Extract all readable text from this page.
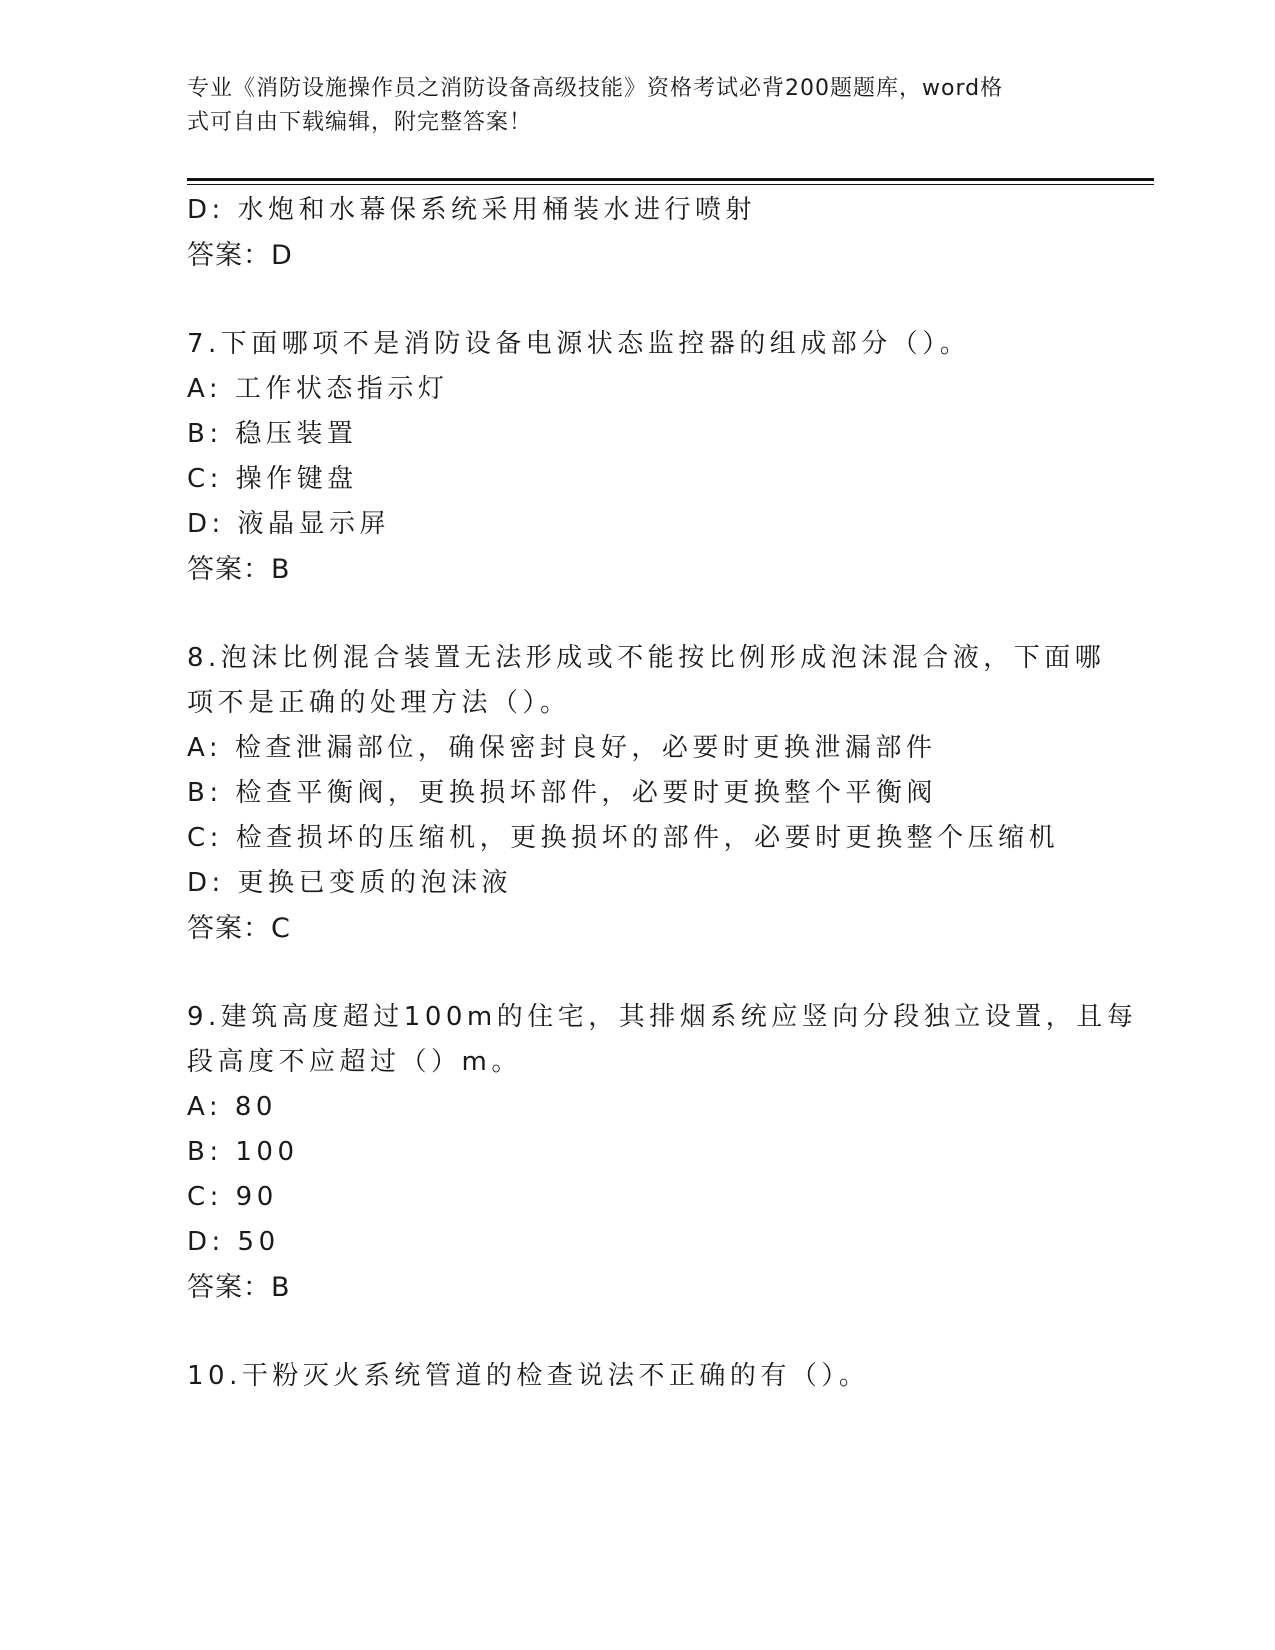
专业《消防设施操作员之消防设备高级技能》资格考试必背200题题库，word格
式可自由下载编辑，附完整答案！
D: 水炮和水幕保系统采用桶装水进行喷射
答案：D
7.下面哪项不是消防设备电源状态监控器的组成部分（）。
A: 工作状态指示灯
B: 稳压装置
C: 操作键盘
D: 液晶显示屏
答案：B
8.泡沫比例混合装置无法形成或不能按比例形成泡沫混合液，下面哪
项不是正确的处理方法（）。
A: 检查泄漏部位，确保密封良好，必要时更换泄漏部件
B: 检查平衡阀，更换损坏部件，必要时更换整个平衡阀
C: 检查损坏的压缩机，更换损坏的部件，必要时更换整个压缩机
D: 更换已变质的泡沫液
答案：C
9.建筑高度超过100m的住宅，其排烟系统应竖向分段独立设置，且每
段高度不应超过（）m。
A: 80
B: 100
C: 90
D: 50
答案：B
10.干粉灭火系统管道的检查说法不正确的有（）。
